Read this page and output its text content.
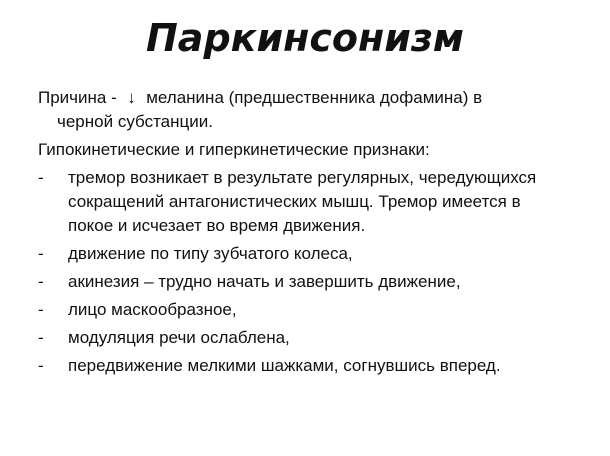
Паркинсонизм

Причина - ↓ меланина (предшественника дофамина) в
черной субстанции.

Гипокинетические и гиперкинетические признаки:

- тремор возникает в результате регулярных, чередующихся
сокращений антагонистических мышц. Тремор имеется в
покое и исчезает во время движения.
- движение по типу зубчатого колеса,
- акинезия – трудно начать и завершить движение,
- лицо маскообразное,
- модуляция речи ослаблена,
- передвижение мелкими шажками, согнувшись вперед.
